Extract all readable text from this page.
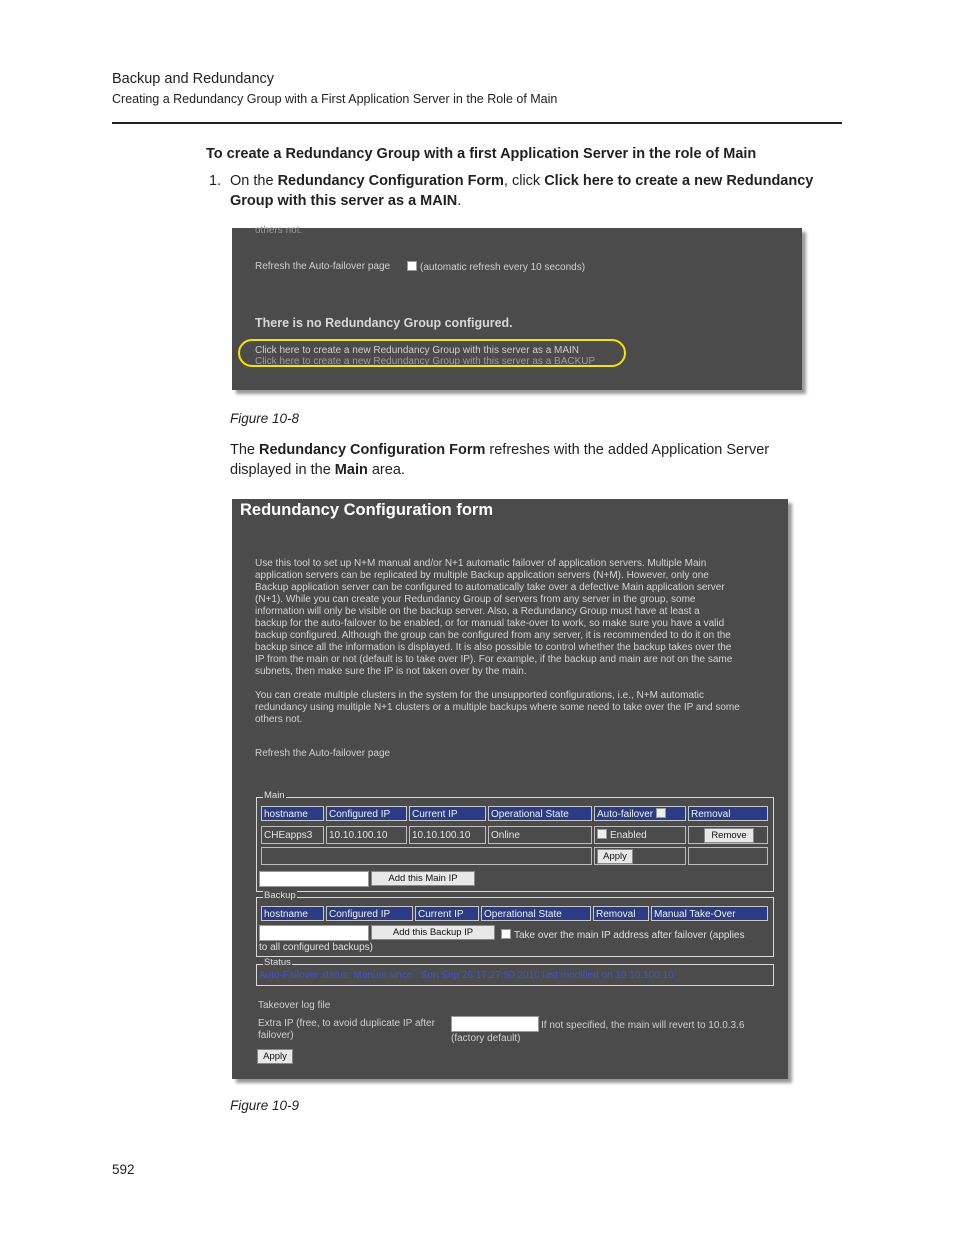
Backup and Redundancy
Creating a Redundancy Group with a First Application Server in the Role of Main
To create a Redundancy Group with a first Application Server in the role of Main
1. On the Redundancy Configuration Form, click Click here to create a new Redundancy Group with this server as a MAIN.
others not.
Refresh the Auto-failover page	(automatic refresh every 10 seconds)
There is no Redundancy Group configured.
Click here to create a new Redundancy Group with this server as a MAIN
Click here to create a new Redundancy Group with this server as a BACKUP
Figure 10-8
The Redundancy Configuration Form refreshes with the added Application Server displayed in the Main area.
Redundancy Configuration form
Use this tool to set up N+M manual and/or N+1 automatic failover of application servers. Multiple Main
application servers can be replicated by multiple Backup application servers (N+M). However, only one
Backup application server can be configured to automatically take over a defective Main application server
(N+1). While you can create your Redundancy Group of servers from any server in the group, some
information will only be visible on the backup server. Also, a Redundancy Group must have at least a
backup for the auto-failover to be enabled, or for manual take-over to work, so make sure you have a valid
backup configured. Although the group can be configured from any server, it is recommended to do it on the
backup since all the information is displayed. It is also possible to control whether the backup takes over the
IP from the main or not (default is to take over IP). For example, if the backup and main are not on the same
subnets, then make sure the IP is not taken over by the main.
You can create multiple clusters in the system for the unsupported configurations, i.e., N+M automatic
redundancy using multiple N+1 clusters or a multiple backups where some need to take over the IP and some
others not.
Refresh the Auto-failover page
Main
hostname	Configured IP	Current IP	Operational State	Auto-failover	Removal
CHEapps3	10.10.100.10	10.10.100.10	Online	Enabled	Remove
Apply
Add this Main IP
Backup
hostname	Configured IP	Current IP	Operational State	Removal	Manual Take-Over
Add this Backup IP	Take over the main IP address after failover (applies
to all configured backups)
Status
Auto-Failover status: Manual since : Sun Sep 26 17:27:50 2010 last modified on 10.10.100.10
Takeover log file
Extra IP (free, to avoid duplicate IP after
failover)
If not specified, the main will revert to 10.0.3.6
(factory default)
Apply
Figure 10-9
592
